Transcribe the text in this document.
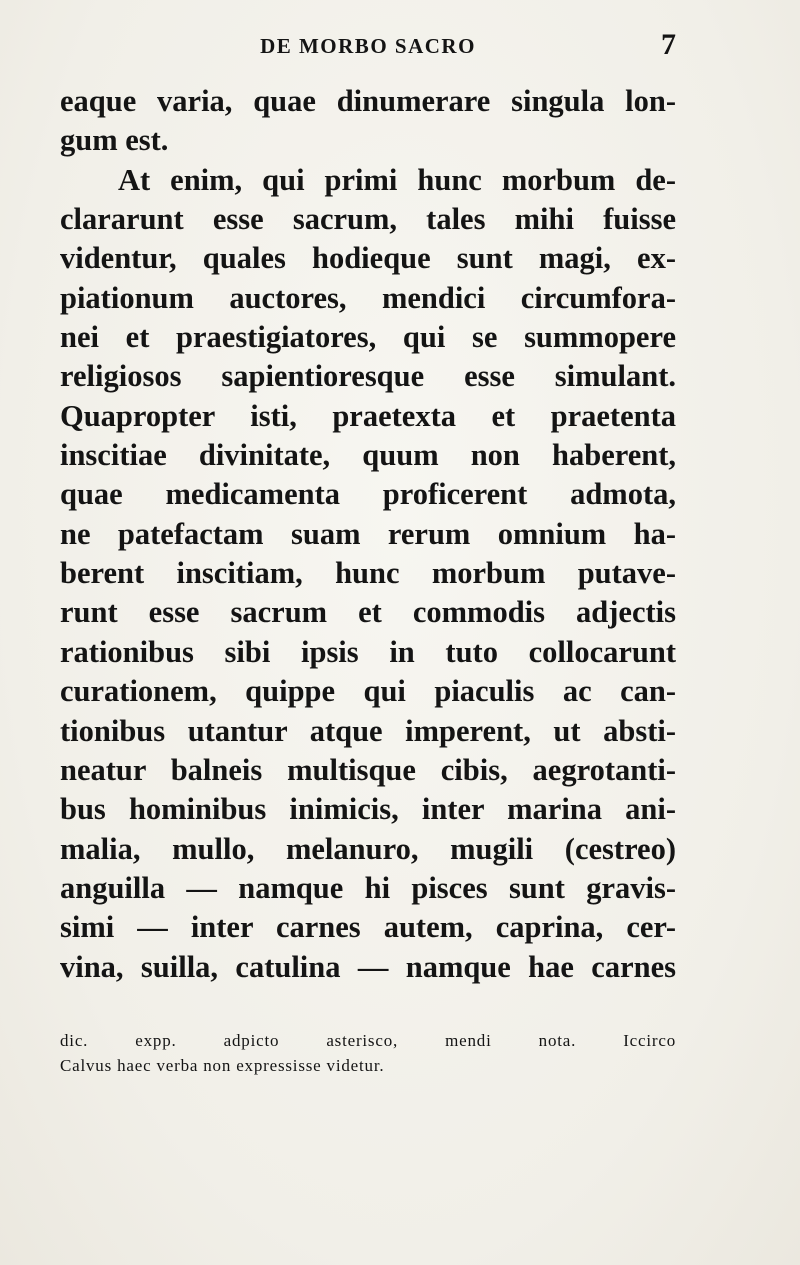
DE MORBO SACRO	7
eaque varia, quae dinumerare singula lon-
gum est.
At enim, qui primi hunc morbum de-
clararunt esse sacrum, tales mihi fuisse
videntur, quales hodieque sunt magi, ex-
piationum auctores, mendici circumfora-
nei et praestigiatores, qui se summopere
religiosos sapientioresque esse simulant.
Quapropter isti, praetexta et praetenta
inscitiae divinitate, quum non haberent,
quae medicamenta proficerent admota,
ne patefactam suam rerum omnium ha-
berent inscitiam, hunc morbum putave-
runt esse sacrum et commodis adjectis
rationibus sibi ipsis in tuto collocarunt
curationem, quippe qui piaculis ac can-
tionibus utantur atque imperent, ut absti-
neatur balneis multisque cibis, aegrotanti-
bus hominibus inimicis, inter marina ani-
malia, mullo, melanuro, mugili (cestreo)
anguilla — namque hi pisces sunt gravis-
simi — inter carnes autem, caprina, cer-
vina, suilla, catulina — namque hae carnes
dic. expp. adpicto asterisco, mendi nota. Iccirco
Calvus haec verba non expressisse videtur.
